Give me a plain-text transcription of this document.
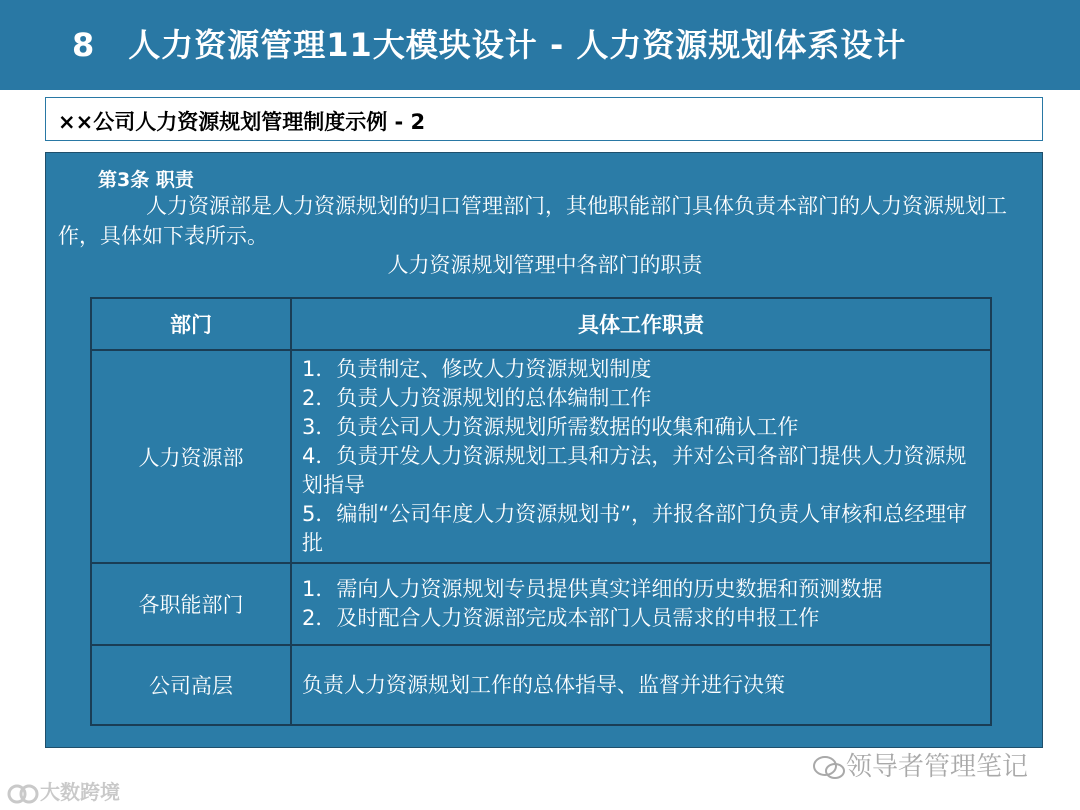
8　人力资源管理11大模块设计 - 人力资源规划体系设计
××公司人力资源规划管理制度示例 - 2
第3条 职责
人力资源部是人力资源规划的归口管理部门，其他职能部门具体负责本部门的人力资源规划工作，具体如下表所示。
人力资源规划管理中各部门的职责
部门	具体工作职责
人力资源部	1．负责制定、修改人力资源规划制度
2．负责人力资源规划的总体编制工作
3．负责公司人力资源规划所需数据的收集和确认工作
4．负责开发人力资源规划工具和方法，并对公司各部门提供人力资源规划指导
5．编制“公司年度人力资源规划书”，并报各部门负责人审核和总经理审批

各职能部门	1．需向人力资源规划专员提供真实详细的历史数据和预测数据
2．及时配合人力资源部完成本部门人员需求的申报工作

公司高层	负责人力资源规划工作的总体指导、监督并进行决策
大数跨境
领导者管理笔记
